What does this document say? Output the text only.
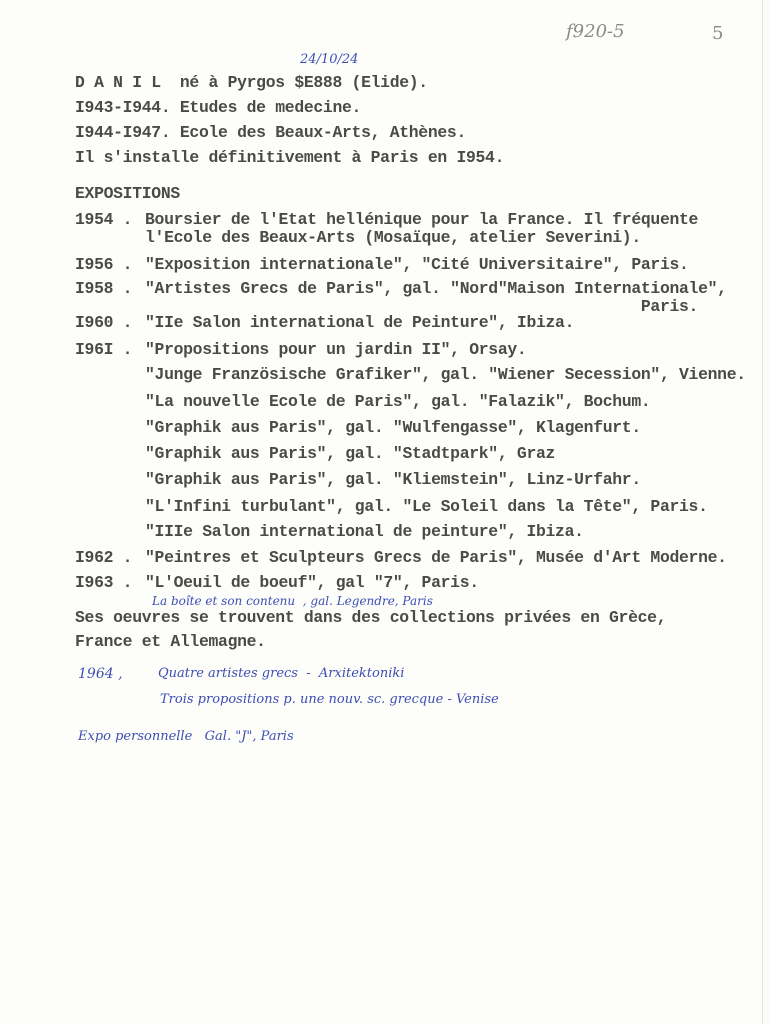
f920-5	5
24/10/24
D A N I L  né à Pyrgos $E888 (Elide).
I943-I944. Etudes de medecine.
I944-I947. Ecole des Beaux-Arts, Athènes.
Il s'installe définitivement à Paris en I954.
EXPOSITIONS
1954 . Boursier de l'Etat hellénique pour la France. Il fréquente
l'Ecole des Beaux-Arts (Mosaïque, atelier Severini).
I956 . "Exposition internationale", "Cité Universitaire", Paris.
I958 . "Artistes Grecs de Paris", gal. "Nord"Maison Internationale",
Paris.
I960 . "IIe Salon international de Peinture", Ibiza.
I96I . "Propositions pour un jardin II", Orsay.
"Junge Französische Grafiker", gal. "Wiener Secession", Vienne.
"La nouvelle Ecole de Paris", gal. "Falazik", Bochum.
"Graphik aus Paris", gal. "Wulfengasse", Klagenfurt.
"Graphik aus Paris", gal. "Stadtpark", Graz
"Graphik aus Paris", gal. "Kliemstein", Linz-Urfahr.
"L'Infini turbulant", gal. "Le Soleil dans la Tête", Paris.
"IIIe Salon international de peinture", Ibiza.
I962 . "Peintres et Sculpteurs Grecs de Paris", Musée d'Art Moderne.
I963 . "L'Oeuil de boeuf", gal "7", Paris.
La boîte et son contenu  , gal. Legendre, Paris
Ses oeuvres se trouvent dans des collections privées en Grèce,
France et Allemagne.
1964 ,	Quatre artistes grecs  -  Arxitektoniki
Trois propositions p. une nouv. sc. grecque - Venise
Expo personnelle   Gal. "J", Paris
